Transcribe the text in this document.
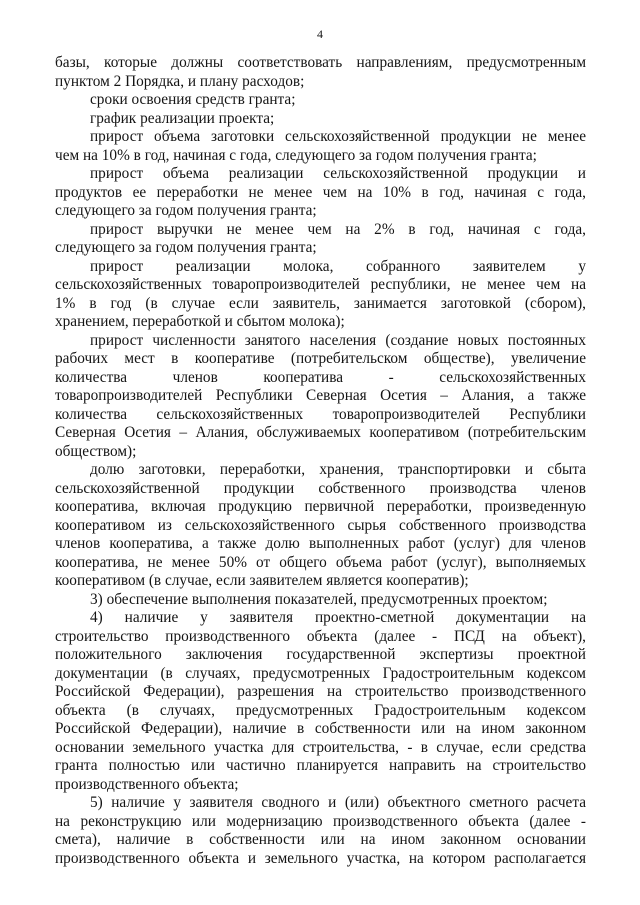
4
базы, которые должны соответствовать направлениям, предусмотренным
пунктом 2 Порядка, и плану расходов;
сроки освоения средств гранта;
график реализации проекта;
прирост объема заготовки сельскохозяйственной продукции не менее
чем на 10% в год, начиная с года, следующего за годом получения гранта;
прирост объема реализации сельскохозяйственной продукции и
продуктов ее переработки не менее чем на 10% в год, начиная с года,
следующего за годом получения гранта;
прирост выручки не менее чем на 2% в год, начиная с года,
следующего за годом получения гранта;
прирост реализации молока, собранного заявителем у
сельскохозяйственных товаропроизводителей республики, не менее чем на
1% в год (в случае если заявитель, занимается заготовкой (сбором),
хранением, переработкой и сбытом молока);
прирост численности занятого населения (создание новых постоянных
рабочих мест в кооперативе (потребительском обществе), увеличение
количества членов кооператива - сельскохозяйственных
товаропроизводителей Республики Северная Осетия – Алания, а также
количества сельскохозяйственных товаропроизводителей Республики
Северная Осетия – Алания, обслуживаемых кооперативом (потребительским
обществом);
долю заготовки, переработки, хранения, транспортировки и сбыта
сельскохозяйственной продукции собственного производства членов
кооператива, включая продукцию первичной переработки, произведенную
кооперативом из сельскохозяйственного сырья собственного производства
членов кооператива, а также долю выполненных работ (услуг) для членов
кооператива, не менее 50% от общего объема работ (услуг), выполняемых
кооперативом (в случае, если заявителем является кооператив);
3) обеспечение выполнения показателей, предусмотренных проектом;
4) наличие у заявителя проектно-сметной документации на
строительство производственного объекта (далее - ПСД на объект),
положительного заключения государственной экспертизы проектной
документации (в случаях, предусмотренных Градостроительным кодексом
Российской Федерации), разрешения на строительство производственного
объекта (в случаях, предусмотренных Градостроительным кодексом
Российской Федерации), наличие в собственности или на ином законном
основании земельного участка для строительства, - в случае, если средства
гранта полностью или частично планируется направить на строительство
производственного объекта;
5) наличие у заявителя сводного и (или) объектного сметного расчета
на реконструкцию или модернизацию производственного объекта (далее -
смета), наличие в собственности или на ином законном основании
производственного объекта и земельного участка, на котором располагается
